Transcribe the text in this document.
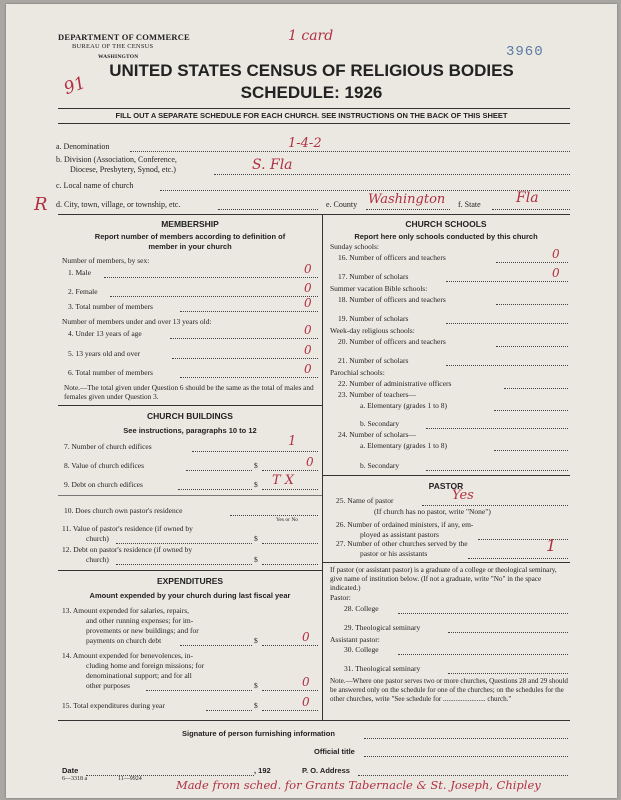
DEPARTMENT OF COMMERCE
BUREAU OF THE CENSUS
WASHINGTON
1 card
3960
91
UNITED STATES CENSUS OF RELIGIOUS BODIES
SCHEDULE: 1926
FILL OUT A SEPARATE SCHEDULE FOR EACH CHURCH. SEE INSTRUCTIONS ON THE BACK OF THIS SHEET
a. Denomination	1-4-2
b. Division (Association, Conference,
Diocese, Presbytery, Synod, etc.)	S. Fla
c. Local name of church
R d. City, town, village, or township, etc.	e. County Washington f. State	Fla
MEMBERSHIP
Report number of members according to definition of
member in your church
Number of members, by sex:
1. Male	0
2. Female	0
3. Total number of members	0
Number of members under and over 13 years old:
4. Under 13 years of age	0
5. 13 years old and over	0
6. Total number of members	0
Note.—The total given under Question 6 should be the same as the total of males and females given under Question 3.
CHURCH BUILDINGS
See instructions, paragraphs 10 to 12
7. Number of church edifices	1
8. Value of church edifices	$	0
9. Debt on church edifices	$ T X
10. Does church own pastor's residence
Yes or No
11. Value of pastor's residence (if owned by
church)	$
12. Debt on pastor's residence (if owned by
church)	$
EXPENDITURES
Amount expended by your church during last fiscal year
13. Amount expended for salaries, repairs,
and other running expenses; for im-
provements or new buildings; and for
payments on church debt	$	0
14. Amount expended for benevolences, in-
cluding home and foreign missions; for
denominational support; and for all
other purposes	$	0
15. Total expenditures during year	$	0
CHURCH SCHOOLS
Report here only schools conducted by this church
Sunday schools:
16. Number of officers and teachers	0
17. Number of scholars	0
Summer vacation Bible schools:
18. Number of officers and teachers
19. Number of scholars
Week-day religious schools:
20. Number of officers and teachers
21. Number of scholars
Parochial schools:
22. Number of administrative officers
23. Number of teachers—
a. Elementary (grades 1 to 8)
b. Secondary
24. Number of scholars—
a. Elementary (grades 1 to 8)
b. Secondary
PASTOR
25. Name of pastor	Yes
(If church has no pastor, write "None")
26. Number of ordained ministers, if any, em-
ployed as assistant pastors
27. Number of other churches served by the
pastor or his assistants	1
If pastor (or assistant pastor) is a graduate of a college or theological seminary, give name of institution below. (If not a graduate, write "No" in the space indicated.)
Pastor:
28. College
29. Theological seminary
Assistant pastor:
30. College
31. Theological seminary
Note.—Where one pastor serves two or more churches, Questions 28 and 29 should be answered only on the schedule for one of the churches; on the schedules for the other churches, write "See schedule for ........................ church."
Signature of person furnishing information
Official title
Date	, 192	P. O. Address
6—3318 a	11—9924	Made from sched. for Grants Tabernacle & St. Joseph, Chipley
